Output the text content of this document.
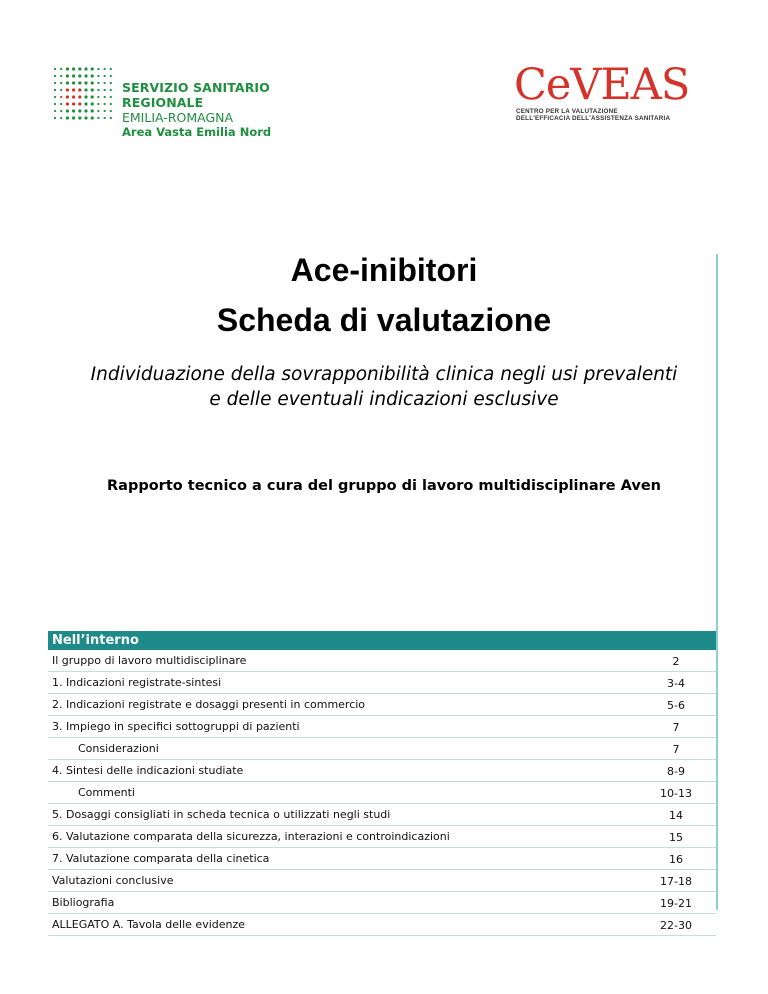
SERVIZIO SANITARIO REGIONALE
EMILIA-ROMAGNA
Area Vasta Emilia Nord
CeVEAS
CENTRO PER LA VALUTAZIONE
DELL'EFFICACIA DELL'ASSISTENZA SANITARIA
Ace-inibitori
Scheda di valutazione
Individuazione della sovrapponibilità clinica negli usi prevalenti
e delle eventuali indicazioni esclusive
Rapporto tecnico a cura del gruppo di lavoro multidisciplinare Aven
Nell’interno
Il gruppo di lavoro multidisciplinare	2
1. Indicazioni registrate-sintesi	3-4
2. Indicazioni registrate e dosaggi presenti in commercio	5-6
3. Impiego in specifici sottogruppi di pazienti	7
Considerazioni	7
4. Sintesi delle indicazioni studiate	8-9
Commenti	10-13
5. Dosaggi consigliati in scheda tecnica o utilizzati negli studi	14
6. Valutazione comparata della sicurezza, interazioni e controindicazioni	15
7. Valutazione comparata della cinetica	16
Valutazioni conclusive	17-18
Bibliografia	19-21
ALLEGATO A. Tavola delle evidenze	22-30
